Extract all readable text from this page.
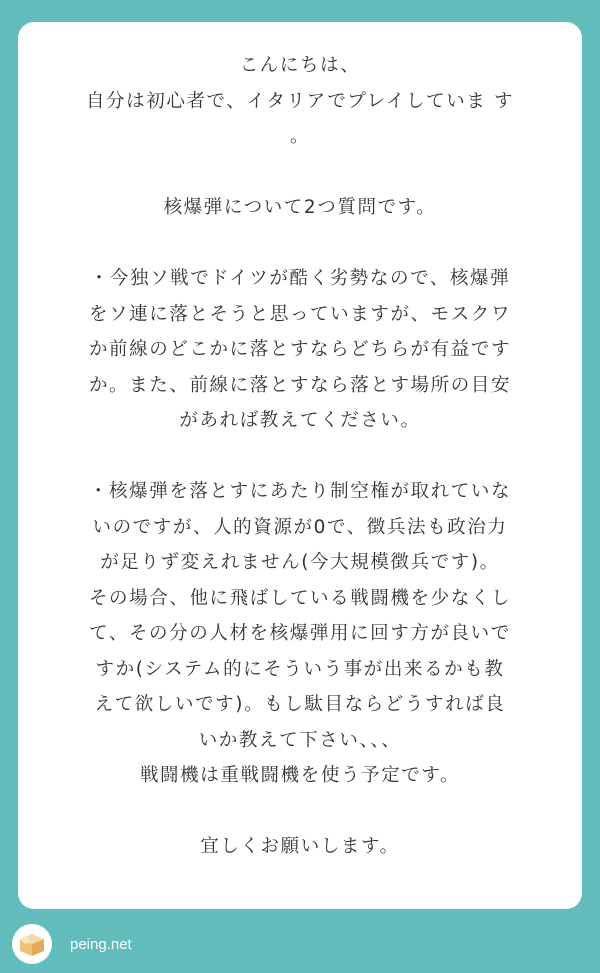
こんにちは、
自分は初心者で、イタリアでプレイしていま す
。
核爆弾について2つ質問です。
・今独ソ戦でドイツが酷く劣勢なので、核爆弾
をソ連に落とそうと思っていますが、モスクワ
か前線のどこかに落とすならどちらが有益です
か。また、前線に落とすなら落とす場所の目安
があれば教えてください。
・核爆弾を落とすにあたり制空権が取れていな
いのですが、人的資源が0で、徴兵法も政治力
が足りず変えれません(今大規模徴兵です)。
その場合、他に飛ばしている戦闘機を少なくし
て、その分の人材を核爆弾用に回す方が良いで
すか(システム的にそういう事が出来るかも教
えて欲しいです)。もし駄目ならどうすれば良
いか教えて下さい、、、
戦闘機は重戦闘機を使う予定です。
宜しくお願いします。
peing.net
